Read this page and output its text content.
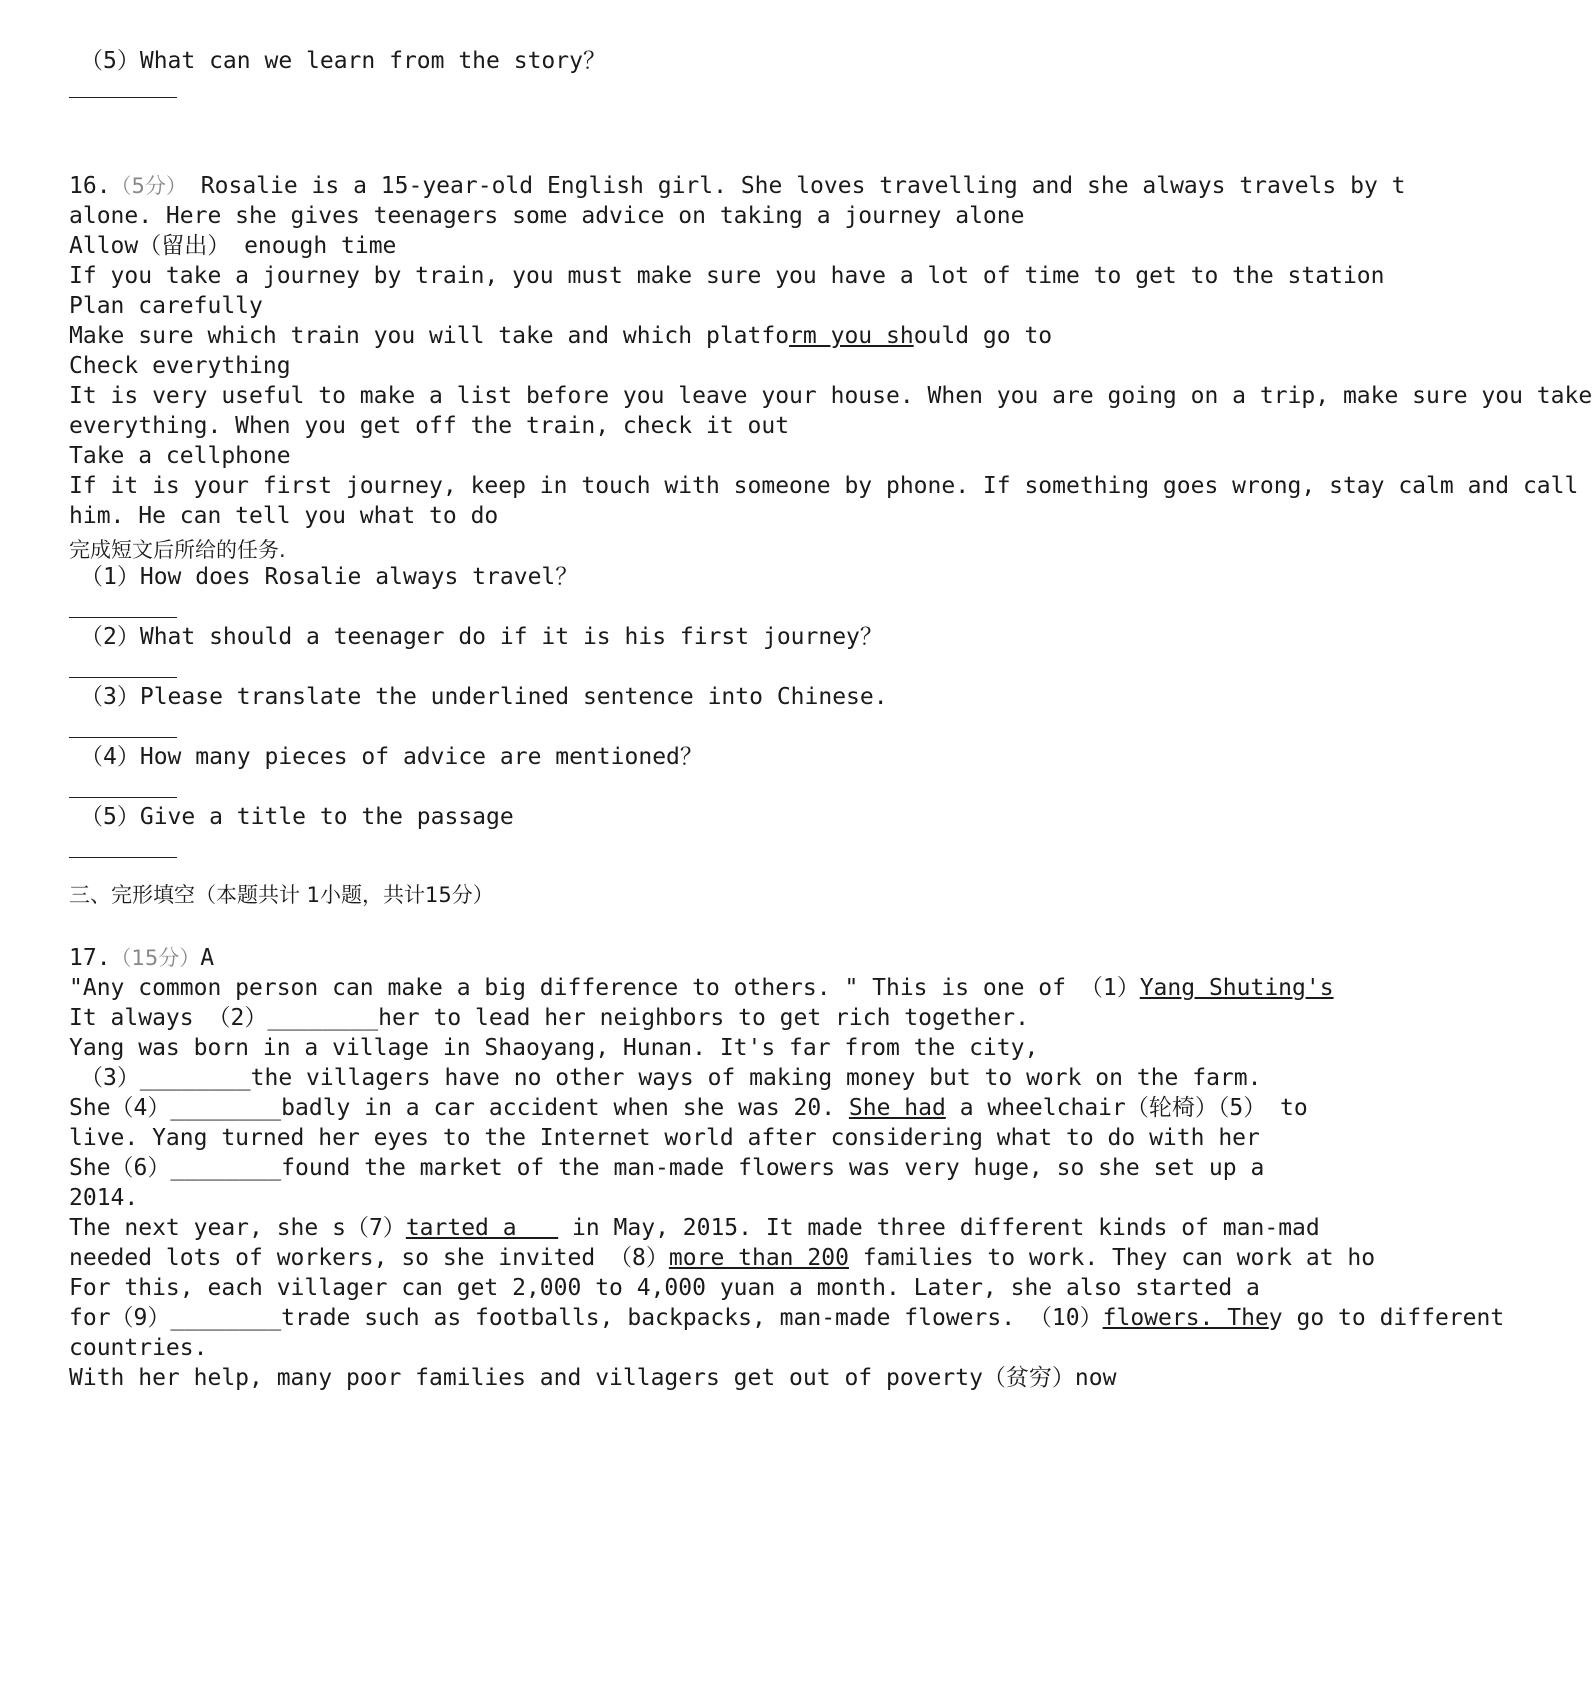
（5）What can we learn from the story？
16.（5分） Rosalie is a 15-year-old English girl. She loves travelling and she always travels by t
alone. Here she gives teenagers some advice on taking a journey alone
Allow（留出） enough time
If you take a journey by train, you must make sure you have a lot of time to get to the station
Plan carefully
Make sure which train you will take and which platform you should go to
Check everything
It is very useful to make a list before you leave your house. When you are going on a trip, make sure you take
everything. When you get off the train, check it out
Take a cellphone
If it is your first journey, keep in touch with someone by phone. If something goes wrong, stay calm and call
him. He can tell you what to do
完成短文后所给的任务.
（1）How does Rosalie always travel？
（2）What should a teenager do if it is his first journey？
（3）Please translate the underlined sentence into Chinese.
（4）How many pieces of advice are mentioned？
（5）Give a title to the passage
三、完形填空（本题共计 1小题，共计15分）
17.（15分）A
"Any common person can make a big difference to others. " This is one of （1）Yang Shuting's
It always （2）________her to lead her neighbors to get rich together.
Yang was born in a village in Shaoyang, Hunan. It's far from the city,
（3）________the villagers have no other ways of making money but to work on the farm.
She（4）________badly in a car accident when she was 20. She had a wheelchair（轮椅）（5） to
live. Yang turned her eyes to the Internet world after considering what to do with her
She（6）________found the market of the man-made flowers was very huge, so she set up a
2014.
The next year, she s（7）tarted a    in May, 2015. It made three different kinds of man-mad
needed lots of workers, so she invited （8）more than 200 families to work. They can work at ho
For this, each villager can get 2,000 to 4,000 yuan a month. Later, she also started a
for（9）________trade such as footballs, backpacks, man-made flowers. （10）flowers. They go to different
countries.
With her help, many poor families and villagers get out of poverty（贫穷）now
